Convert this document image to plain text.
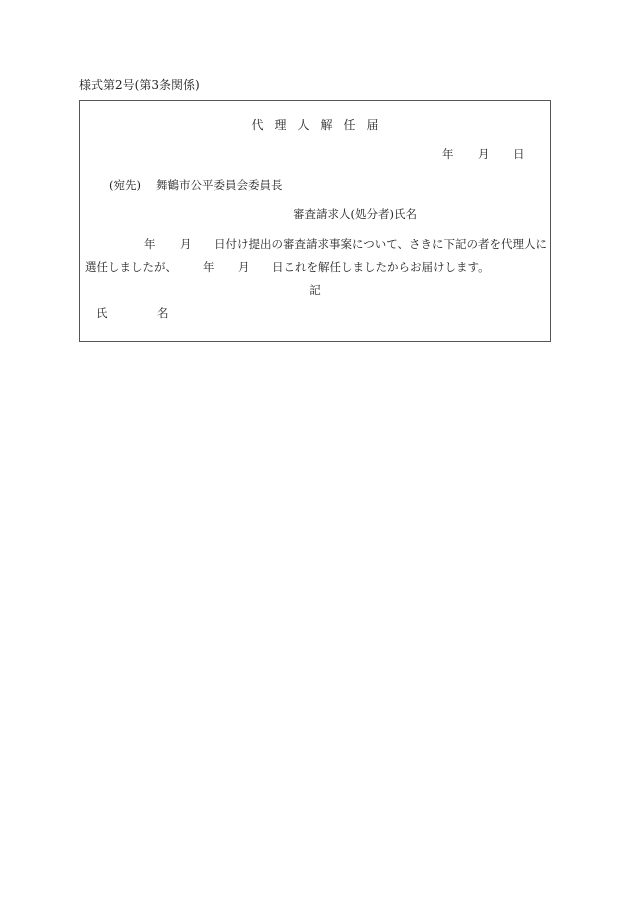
様式第2号(第3条関係)
代理人解任届
年 月 日
(宛先) 舞鶴市公平委員会委員長
審査請求人(処分者)氏名
年 月 日付け提出の審査請求事案について、さきに下記の者を代理人に
選任しましたが、 年 月 日これを解任しましたからお届けします。
記
氏	名
